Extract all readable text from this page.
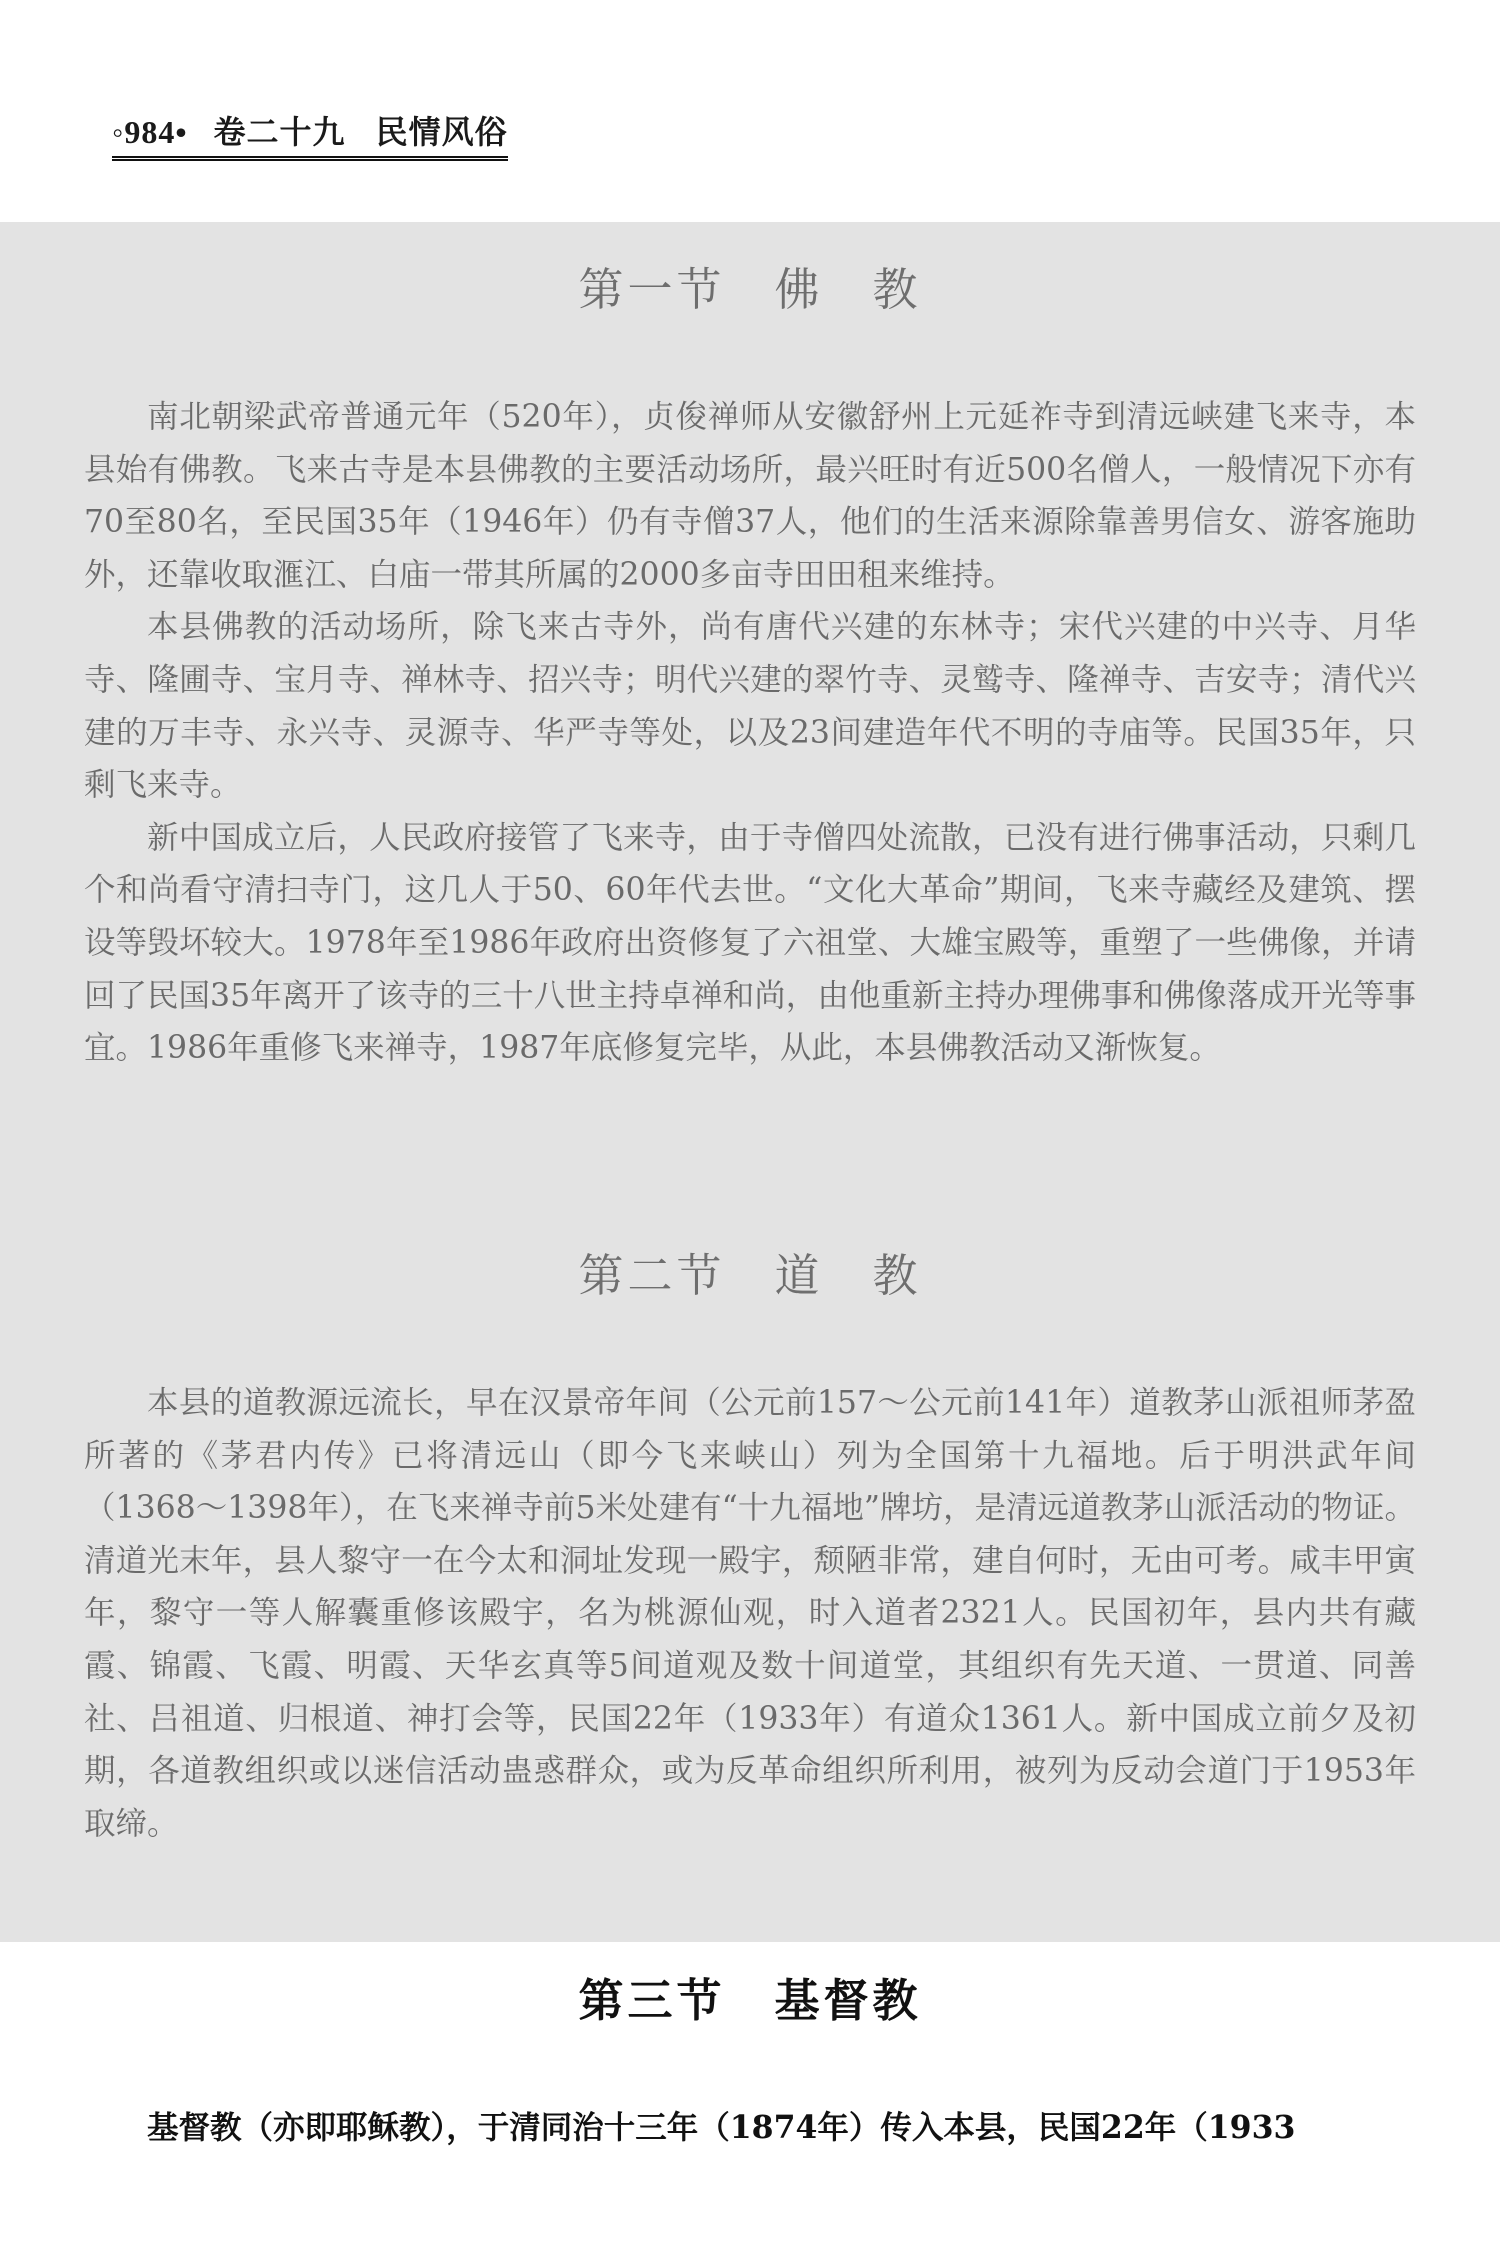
◦984• 卷二十九 民情风俗
第一节　佛　教

南北朝梁武帝普通元年（520年），贞俊禅师从安徽舒州上元延祚寺到清远峡建飞来寺，本县始有佛教。飞来古寺是本县佛教的主要活动场所，最兴旺时有近500名僧人，一般情况下亦有70至80名，至民国35年（1946年）仍有寺僧37人，他们的生活来源除靠善男信女、游客施助外，还靠收取滙江、白庙一带其所属的2000多亩寺田田租来维持。

本县佛教的活动场所，除飞来古寺外，尚有唐代兴建的东林寺；宋代兴建的中兴寺、月华寺、隆圃寺、宝月寺、禅林寺、招兴寺；明代兴建的翠竹寺、灵鹫寺、隆禅寺、吉安寺；清代兴建的万丰寺、永兴寺、灵源寺、华严寺等处，以及23间建造年代不明的寺庙等。民国35年，只剩飞来寺。

新中国成立后，人民政府接管了飞来寺，由于寺僧四处流散，已没有进行佛事活动，只剩几个和尚看守清扫寺门，这几人于50、60年代去世。“文化大革命”期间，飞来寺藏经及建筑、摆设等毁坏较大。1978年至1986年政府出资修复了六祖堂、大雄宝殿等，重塑了一些佛像，并请回了民国35年离开了该寺的三十八世主持卓禅和尚，由他重新主持办理佛事和佛像落成开光等事宜。1986年重修飞来禅寺，1987年底修复完毕，从此，本县佛教活动又渐恢复。

第二节　道　教

本县的道教源远流长，早在汉景帝年间（公元前157～公元前141年）道教茅山派祖师茅盈所著的《茅君内传》已将清远山（即今飞来峡山）列为全国第十九福地。后于明洪武年间（1368～1398年），在飞来禅寺前5米处建有“十九福地”牌坊，是清远道教茅山派活动的物证。清道光末年，县人黎守一在今太和洞址发现一殿宇，颓陋非常，建自何时，无由可考。咸丰甲寅年，黎守一等人解囊重修该殿宇，名为桃源仙观，时入道者2321人。民国初年，县内共有藏霞、锦霞、飞霞、明霞、天华玄真等5间道观及数十间道堂，其组织有先天道、一贯道、同善社、吕祖道、归根道、神打会等，民国22年（1933年）有道众1361人。新中国成立前夕及初期，各道教组织或以迷信活动蛊惑群众，或为反革命组织所利用，被列为反动会道门于1953年取缔。

第三节　基督教

基督教（亦即耶稣教），于清同治十三年（1874年）传入本县，民国22年（1933
